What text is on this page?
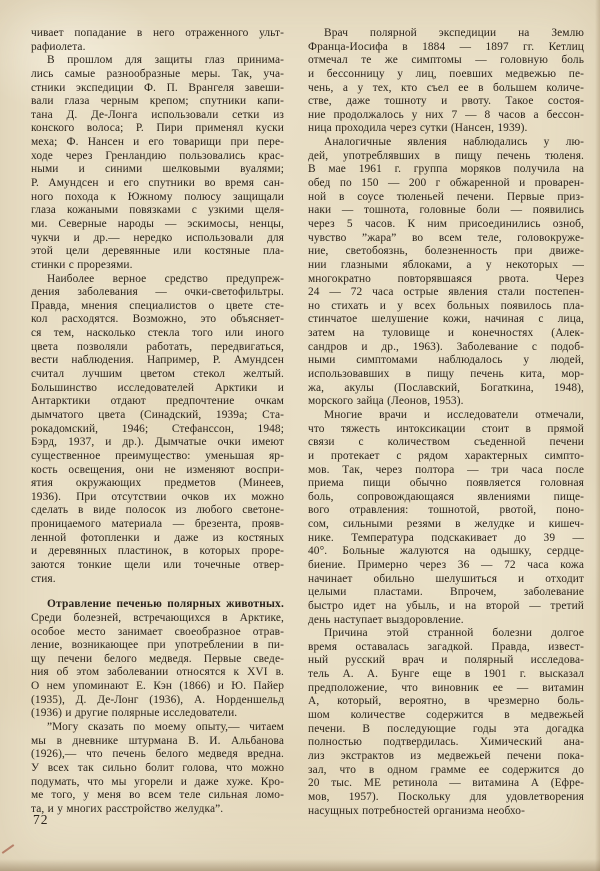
чивает попадание в него отраженного ульт-
рафиолета.
В прошлом для защиты глаз принима-
лись самые разнообразные меры. Так, уча-
стники экспедиции Ф. П. Врангеля завеши-
вали глаза черным крепом; спутники капи-
тана Д. Де-Лонга использовали сетки из
конского волоса; Р. Пири применял куски
меха; Ф. Нансен и его товарищи при пере-
ходе через Гренландию пользовались крас-
ными и синими шелковыми вуалями;
Р. Амундсен и его спутники во время сан-
ного похода к Южному полюсу защищали
глаза кожаными повязками с узкими щеля-
ми. Северные народы — эскимосы, ненцы,
чукчи и др.— нередко использовали для
этой цели деревянные или костяные пла-
стинки с прорезями.
Наиболее верное средство предупреж-
дения заболевания — очки-светофильтры.
Правда, мнения специалистов о цвете сте-
кол расходятся. Возможно, это объясняет-
ся тем, насколько стекла того или иного
цвета позволяли работать, передвигаться,
вести наблюдения. Например, Р. Амундсен
считал лучшим цветом стекол желтый.
Большинство исследователей Арктики и
Антарктики отдают предпочтение очкам
дымчатого цвета (Синадский, 1939а; Ста-
рокадомский, 1946; Стефанссон, 1948;
Бэрд, 1937, и др.). Дымчатые очки имеют
существенное преимущество: уменьшая яр-
кость освещения, они не изменяют воспри-
ятия окружающих предметов (Минеев,
1936). При отсутствии очков их можно
сделать в виде полосок из любого светоне-
проницаемого материала — брезента, прояв-
ленной фотопленки и даже из костяных
и деревянных пластинок, в которых проре-
заются тонкие щели или точечные отвер-
стия.
Отравление печенью полярных животных.
Среди болезней, встречающихся в Арктике,
особое место занимает своеобразное отрав-
ление, возникающее при употреблении в пи-
щу печени белого медведя. Первые сведе-
ния об этом заболевании относятся к XVI в.
О нем упоминают Е. Кэн (1866) и Ю. Пайер
(1935), Д. Де-Лонг (1936), А. Норденшельд
(1936) и другие полярные исследователи.
”Могу сказать по моему опыту,— читаем
мы в дневнике штурмана В. И. Альбанова
(1926),— что печень белого медведя вредна.
У всех так сильно болит голова, что можно
подумать, что мы угорели и даже хуже. Кро-
ме того, у меня во всем теле сильная ломо-
та, и у многих расстройство желудка”.
Врач полярной экспедиции на Землю
Франца-Иосифа в 1884 — 1897 гг. Кетлиц
отмечал те же симптомы — головную боль
и бессонницу у лиц, поевших медвежью пе-
чень, а у тех, кто съел ее в большем количе-
стве, даже тошноту и рвоту. Такое состоя-
ние продолжалось у них 7 — 8 часов а бессон-
ница проходила через сутки (Нансен, 1939).
Аналогичные явления наблюдались у лю-
дей, употреблявших в пищу печень тюленя.
В мае 1961 г. группа моряков получила на
обед по 150 — 200 г обжаренной и проварен-
ной в соусе тюленьей печени. Первые приз-
наки — тошнота, головные боли — появились
через 5 часов. К ним присоединились озноб,
чувство ”жара” во всем теле, головокруже-
ние, светобоязнь, болезненность при движе-
нии глазными яблоками, а у некоторых —
многократно повторявшаяся рвота. Через
24 — 72 часа острые явления стали постепен-
но стихать и у всех больных появилось пла-
стинчатое шелушение кожи, начиная с лица,
затем на туловище и конечностях (Алек-
сандров и др., 1963). Заболевание с подоб-
ными симптомами наблюдалось у людей,
использовавших в пищу печень кита, мор-
жа, акулы (Пославский, Богаткина, 1948),
морского зайца (Леонов, 1953).
Многие врачи и исследователи отмечали,
что тяжесть интоксикации стоит в прямой
связи с количеством съеденной печени
и протекает с рядом характерных симпто-
мов. Так, через полтора — три часа после
приема пищи обычно появляется головная
боль, сопровождающаяся явлениями пище-
вого отравления: тошнотой, рвотой, поно-
сом, сильными резями в желудке и кишеч-
нике. Температура подскакивает до 39 —
40°. Больные жалуются на одышку, сердце-
биение. Примерно через 36 — 72 часа кожа
начинает обильно шелушиться и отходит
целыми пластами. Впрочем, заболевание
быстро идет на убыль, и на второй — третий
день наступает выздоровление.
Причина этой странной болезни долгое
время оставалась загадкой. Правда, извест-
ный русский врач и полярный исследова-
тель А. А. Бунге еще в 1901 г. высказал
предположение, что виновник ее — витамин
А, который, вероятно, в чрезмерно боль-
шом количестве содержится в медвежьей
печени. В последующие годы эта догадка
полностью подтвердилась. Химический ана-
лиз экстрактов из медвежьей печени пока-
зал, что в одном грамме ее содержится до
20 тыс. МЕ ретинола — витамина А (Ефре-
мов, 1957). Поскольку для удовлетворения
насущных потребностей организма необхо-
72
